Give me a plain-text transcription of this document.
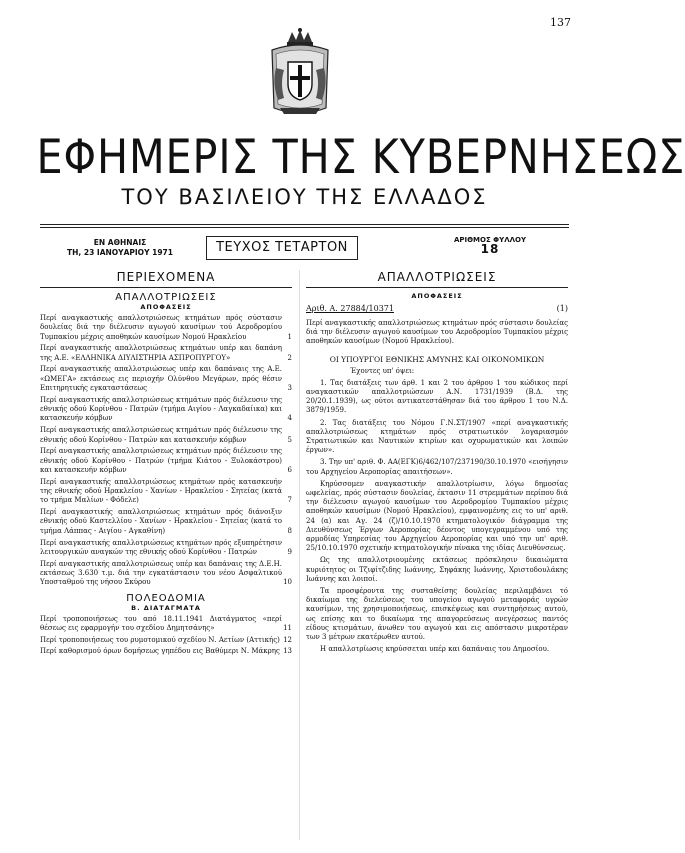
137
ΕΦΗΜΕΡΙΣ ΤΗΣ ΚΥΒΕΡΝΗΣΕΩΣ
ΤΟΥ ΒΑΣΙΛΕΙΟΥ ΤΗΣ ΕΛΛΑΔΟΣ
ΕΝ ΑΘΗΝΑΙΣ
ΤΗ, 23 ΙΑΝΟΥΑΡΙΟΥ 1971	ΤΕΥΧΟΣ ΤΕΤΑΡΤΟΝ	ΑΡΙΘΜΟΣ ΦΥΛΛΟΥ
18
ΠΕΡΙΕΧΟΜΕΝΑ
ΑΠΑΛΛΟΤΡΙΩΣΕΙΣ
ΑΠΟΦΑΣΕΙΣ
Περί αναγκαστικής απαλλοτριώσεως κτημάτων πρός σύστασιν δουλείας διά την διέλευσιν αγωγού καυσίμων τού Αεροδρομίου Τυμπακίου μέχρις αποθηκών καυσίμων Νομού Ηρακλείου	1
Περί αναγκαστικής απαλλοτριώσεως κτημάτων υπέρ και δαπάνη της Α.Ε. «ΕΛΛΗΝΙΚΑ ΔΙΥΛΙΣΤΗΡΙΑ ΑΣΠΡΟΠΥΡΓΟΥ»	2
Περί αναγκαστικής απαλλοτριώσεως υπέρ και δαπάναις της Α.Ε. «ΩΜΕΓΑ» εκτάσεως εις περιοχήν Ολύνθου Μεγάρων, πρός θέσιν Επιτηρητικής εγκαταστάσεως	3
Περί αναγκαστικής απαλλοτριώσεως κτημάτων πρός διέλευσιν της εθνικής οδού Κορίνθου - Πατρών (τμήμα Αιγίου - Λαγκαδαίικα) και κατασκευήν κόμβων	4
Περί αναγκαστικής απαλλοτριώσεως κτημάτων πρός διέλευσιν της εθνικής οδού Κορίνθου - Πατρών και κατασκευήν κόμβων	5
Περί αναγκαστικής απαλλοτριώσεως κτημάτων πρός διέλευσιν της εθνικής οδού Κορίνθου - Πατρών (τμήμα Κιάτου - Ξυλοκάστρου) και κατασκευήν κόμβων	6
Περί αναγκαστικής απαλλοτριώσεως κτημάτων πρός κατασκευήν της εθνικής οδού Ηρακλείου - Χανίων - Ηρακλείου - Σητείας (κατά το τμήμα Μαλίων - Φόδελε)	7
Περί αναγκαστικής απαλλοτριώσεως κτημάτων πρός διάνοιξιν εθνικής οδού Καστελλίου - Χανίων - Ηρακλείου - Σητείας (κατά το τμήμα Λάππας - Αιγίου - Αγκαθίνη)	8
Περί αναγκαστικής απαλλοτριώσεως κτημάτων πρός εξυπηρέτησιν λειτουργικών αναγκών της εθνικής οδού Κορίνθου - Πατρών	9
Περί αναγκαστικής απαλλοτριώσεως υπέρ και δαπάναις της Δ.Ε.Η. εκτάσεως 3.630 τ.μ. διά την εγκατάστασιν του νέου Ασφαλτικού Υποσταθμού της νήσου Σκύρου	10
ΠΟΛΕΟΔΟΜΙΑ
Β. ΔΙΑΤΑΓΜΑΤΑ
Περί τροποποιήσεως του από 18.11.1941 Διατάγματος «περί θέσεως εις εφαρμογήν του σχεδίου Δημητσάνης»	11
Περί τροποποιήσεως του ρυμοτομικού σχεδίου Ν. Αετίων (Αττικής) 12
Περί καθορισμού όρων δομήσεως γηπέδου εις Βαθύμερι Ν. Μάκρης 13
ΑΠΑΛΛΟΤΡΙΩΣΕΙΣ
ΑΠΟΦΑΣΕΙΣ
Αριθ. Α. 27884/10371	(1)
Περί αναγκαστικής απαλλοτριώσεως κτημάτων πρός σύστασιν δουλείας διά την διέλευσιν αγωγού καυσίμων του Αεροδρομίου Τυμπακίου μέχρις αποθηκών καυσίμων (Νομού Ηρακλείου).
ΟΙ ΥΠΟΥΡΓΟΙ ΕΘΝΙΚΗΣ ΑΜΥΝΗΣ ΚΑΙ ΟΙΚΟΝΟΜΙΚΩΝ
Έχοντες υπ' όψει:
1. Τας διατάξεις των άρθ. 1 και 2 του άρθρου 1 του κώδικος περί αναγκαστικών απαλλοτριώσεων Α.Ν. 1731/1939 (Β.Δ. της 20/20.1.1939), ως ούτοι αντικατεστάθησαν διά του άρθρου 1 του Ν.Δ. 3879/1959.
2. Τας διατάξεις του Νόμου Γ.Ν.ΣΤ/1907 «περί αναγκαστικής απαλλοτριώσεως κτημάτων πρός στρατιωτικόν λογαριασμόν Στρατιωτικών και Ναυτικών κτιρίων και οχυρωματικών και λοιπών έργων».
3. Την υπ' αριθ. Φ. ΑΑ(ΕΓΚ)6/462/107/237190/30.10.1970 «εισήγησιν του Αρχηγείου Αεροπορίας απαιτήσεων».
Κηρύσσομεν αναγκαστικήν απαλλοτρίωσιν, λόγω δημοσίας ωφελείας, πρός σύστασιν δουλείας, έκτασιν 11 στρεμμάτων περίπου διά την διέλευσιν αγωγού καυσίμων του Αεροδρομίου Τυμπακίου μέχρις αποθηκών καυσίμων (Νομού Ηρακλείου), εμφαινομένης εις το υπ' αριθ. 24 (α) και Αγ. 24 (ζ)/10.10.1970 κτηματολογικόν διάγραμμα της Διευθύνσεως Έργων Αεροπορίας δέοντος υπογεγραμμένου υπό της αρμοδίας Υπηρεσίας του Αρχηγείου Αεροπορίας και υπό την υπ' αριθ. 25/10.10.1970 σχετικήν κτηματολογικήν πίνακα της ιδίας Διευθύνσεως.
Ως της απαλλοτριουμένης εκτάσεως πρόσκλησιν δικαιώματα κυριότητος οι Τζιφίτζιδης Ιωάννης, Σηφάκης Ιωάννης, Χριστοδουλάκης Ιωάννης και λοιποί.
Τα προσφέροντα της συσταθείσης δουλείας περιλαμβάνει τό δικαίωμα της διελεύσεως του υπογείου αγωγού μεταφοράς υγρών καυσίμων, της χρησιμοποιήσεως, επισκέψεως και συντηρήσεως αυτού, ως επίσης και το δικαίωμα της απαγορεύσεως ανεγέρσεως παντός είδους κτισμάτων, άνωθεν του αγωγού και εις απόστασιν μικροτέραν των 3 μέτρων εκατέρωθεν αυτού.
Η απαλλοτρίωσις κηρύσσεται υπέρ και δαπάναις του Δημοσίου.
